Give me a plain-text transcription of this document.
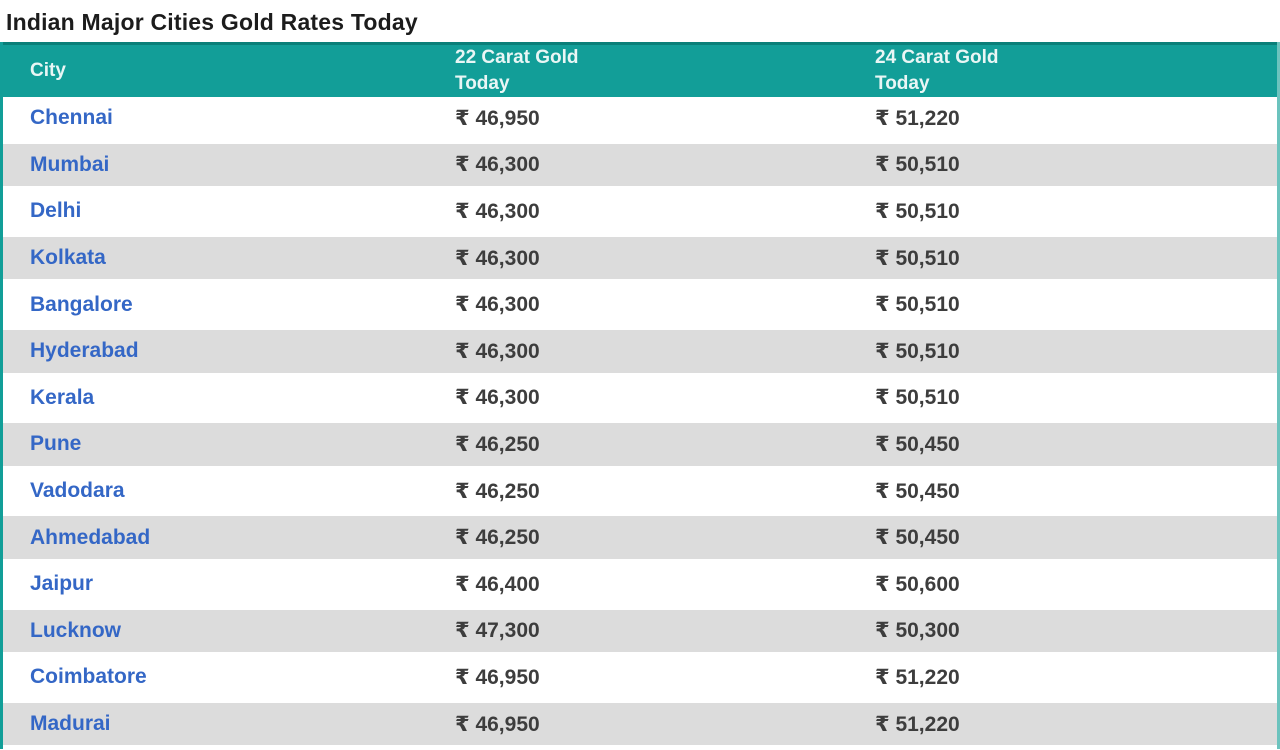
Indian Major Cities Gold Rates Today
City	22 Carat Gold Today	24 Carat Gold Today
Chennai	₹ 46,950	₹ 51,220
Mumbai	₹ 46,300	₹ 50,510
Delhi	₹ 46,300	₹ 50,510
Kolkata	₹ 46,300	₹ 50,510
Bangalore	₹ 46,300	₹ 50,510
Hyderabad	₹ 46,300	₹ 50,510
Kerala	₹ 46,300	₹ 50,510
Pune	₹ 46,250	₹ 50,450
Vadodara	₹ 46,250	₹ 50,450
Ahmedabad	₹ 46,250	₹ 50,450
Jaipur	₹ 46,400	₹ 50,600
Lucknow	₹ 47,300	₹ 50,300
Coimbatore	₹ 46,950	₹ 51,220
Madurai	₹ 46,950	₹ 51,220
